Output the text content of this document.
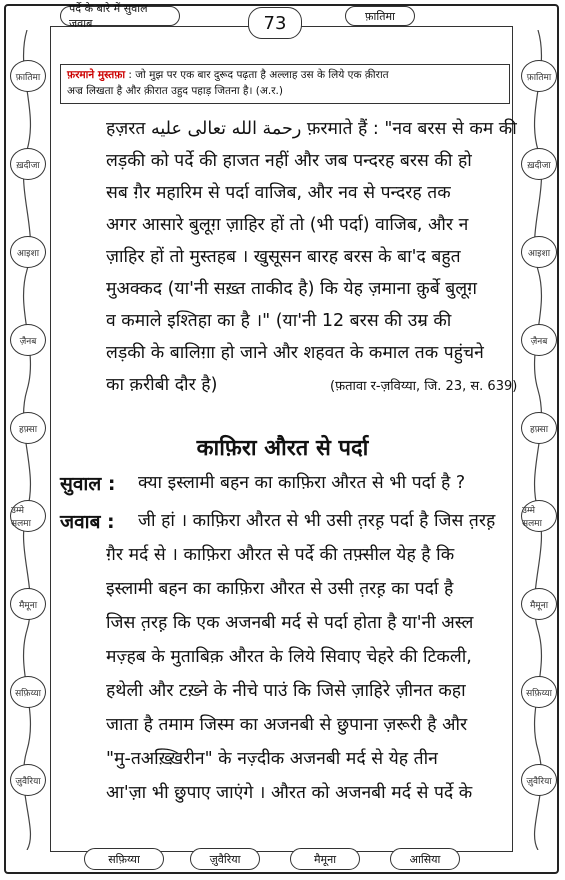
फ़ातिमा
ख़दीजा
आइशा
ज़ैनब
हफ़्सा
उम्मे सलमा
मैमूना
सफ़िय्या
ज़ुवैरिया
फ़ातिमा
ख़दीजा
आइशा
ज़ैनब
हफ़्सा
उम्मे सलमा
मैमूना
सफ़िय्या
ज़ुवैरिया
पर्दे के बारे में सुवाल जवाब	73	फ़ातिमा
फ़रमाने मुस्तफ़ा : जो मुझ पर एक बार दुरूद पढ़ता है अल्लाह उस के लिये एक क़ीरात
अज्र लिखता है और क़ीरात उहुद पहाड़ जितना है। (अ.र.)
हज़रत رحمة الله تعالى عليه फ़रमाते हैं : "नव बरस से कम की
लड़की को पर्दे की हाजत नहीं और जब पन्दरह बरस की हो
सब ग़ैर महारिम से पर्दा वाजिब, और नव से पन्दरह तक
अगर आसारे बुलूग़ ज़ाहिर हों तो (भी पर्दा) वाजिब, और न
ज़ाहिर हों तो मुस्तहब । खुसूसन बारह बरस के बा'द बहुत
मुअक्कद (या'नी सख़्त ताकीद है) कि येह ज़माना क़ुर्बे बुलूग़
व कमाले इश्तिहा का है ।" (या'नी 12 बरस की उम्र की
लड़की के बालिग़ा हो जाने और शहवत के कमाल तक पहुंचने
का क़रीबी दौर है)	(फ़तावा र-ज़विय्या, जि. 23, स. 639)
काफ़िरा औरत से पर्दा
सुवाल : क्या इस्लामी बहन का काफ़िरा औरत से भी पर्दा है ?
जवाब : जी हां । काफ़िरा औरत से भी उसी त़रह़ पर्दा है जिस त़रह़
ग़ैर मर्द से । काफ़िरा औरत से पर्दे की तफ़्सील येह है कि
इस्लामी बहन का काफ़िरा औरत से उसी त़रह़ का पर्दा है
जिस त़रह़ कि एक अजनबी मर्द से पर्दा होता है या'नी अस्ल
मज़्हब के मुताबिक़ औरत के लिये सिवाए चेहरे की टिकली,
हथेली और टख़्ने के नीचे पाउं कि जिसे ज़ाहिरे ज़ीनत कहा
जाता है तमाम जिस्म का अजनबी से छुपाना ज़रूरी है और
"मु-तअख़्ख़िरीन" के नज़्दीक अजनबी मर्द से येह तीन
आ'ज़ा भी छुपाए जाएंगे । औरत को अजनबी मर्द से पर्दे के
सफ़िय्या	ज़ुवैरिया	मैमूना	आसिया
